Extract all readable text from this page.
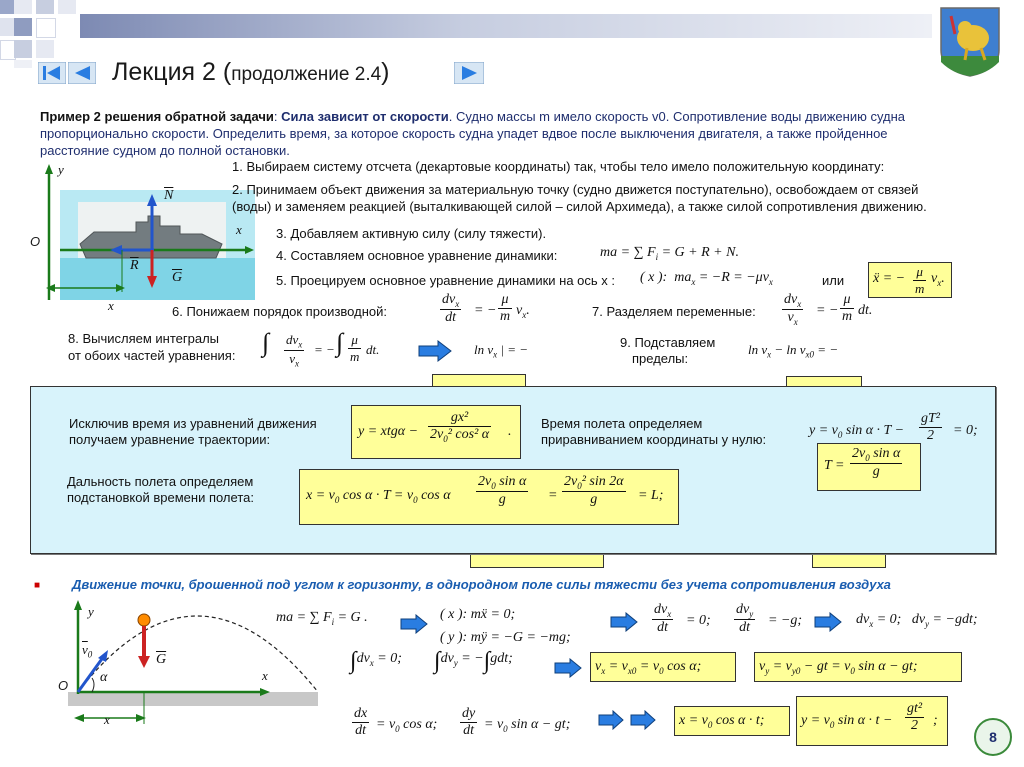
Лекция 2 (продолжение 2.4)
Пример 2 решения обратной задачи: Сила зависит от скорости. Судно массы m имело скорость v0. Сопротивление воды движению судна
пропорционально скорости. Определить время, за которое скорость судна упадет вдвое после выключения двигателя, а также пройденное
расстояние судном до полной остановки.
y
x
O
$\overline{N}$
$\overline{R}$
$\overline{G}$
x
1. Выбираем систему отсчета (декартовые координаты) так, чтобы тело имело положительную координату:
2. Принимаем объект движения за материальную точку (судно движется поступательно), освобождаем от связей
(воды) и заменяем реакцией (выталкивающей силой – силой Архимеда), а также силой сопротивления движению.
3. Добавляем активную силу (силу тяжести).
4. Составляем основное уравнение динамики:	ma = ∑ $F_i = G + R + N$.
5. Проецируем основное уравнение динамики на ось x : ( x ): $ma_x = -R = -\mu v_x$	или ẍ = − $\frac{\mu}{m} v_x$.
6. Понижаем порядок производной:
$dv_x$
dt	= − $\frac{\mu}{m} v_x$.	7. Разделяем переменные:
$dv_x$
$v_x$
= − $\frac{\mu}{m}$ dt.
8. Вычисляем интегралы
от обоих частей уравнения: ∫ $dv_x$
$v_x$
= − ∫ $\frac{\mu}{m}$ dt.	$\ln v_x$ | = −	9. Подставляем
пределы:
$\ln v_x - \ln v_{x0}$ = −
Исключив время из уравнений движения
получаем уравнение траектории:
$y = xtg\alpha - \frac{\text{gx²}}{2v_0^2 \cos^2 \alpha}$ .
Время полета определяем
приравниванием координаты y нулю:
$y = v_0$ $\sin \alpha \cdot T - \frac{\text{gT²}}{2} = 0$;
$T = \frac{2v_0 \sin \alpha}{g}$
Дальность полета определяем
подстановкой времени полета:	$x = v_0$ $\cos \alpha \cdot T = v_0$ cos α $\frac{2v_0 \sin \alpha}{g} = \frac{2v_0^2 \sin 2\alpha}{g} = L$;
■ Движение точки, брошенной под углом к горизонту, в однородном поле силы тяжести без учета сопротивления воздуха
y
$\overline{v}_0$	$\overline{G}$
α
O
x
x
ma = ∑ $F_i = G$ .	( x ): mẍ = 0;
( y ): mÿ = −G = −mg;
$dv_x$
dt	= 0;
$dv_y$
dt	= −g;	$dv_x = 0$;   $dv_y = -gdt$;
$\int dv_x = 0$; $\int dv_y = -\int gdt$;
$v_x = v_{x0} = v_0$ cos α;	$v_y = v_{y0}$ − gt = $v_0$ sin α − gt;
$\frac{dx}{dt} = v_0$ cos α; $\frac{dy}{dt} = v_0$ sin α − gt;	$x = v_0$ cos α · t;	$y = v_0$ $\sin \alpha \cdot t - \frac{\text{gt²}}{2}$ ;
8
